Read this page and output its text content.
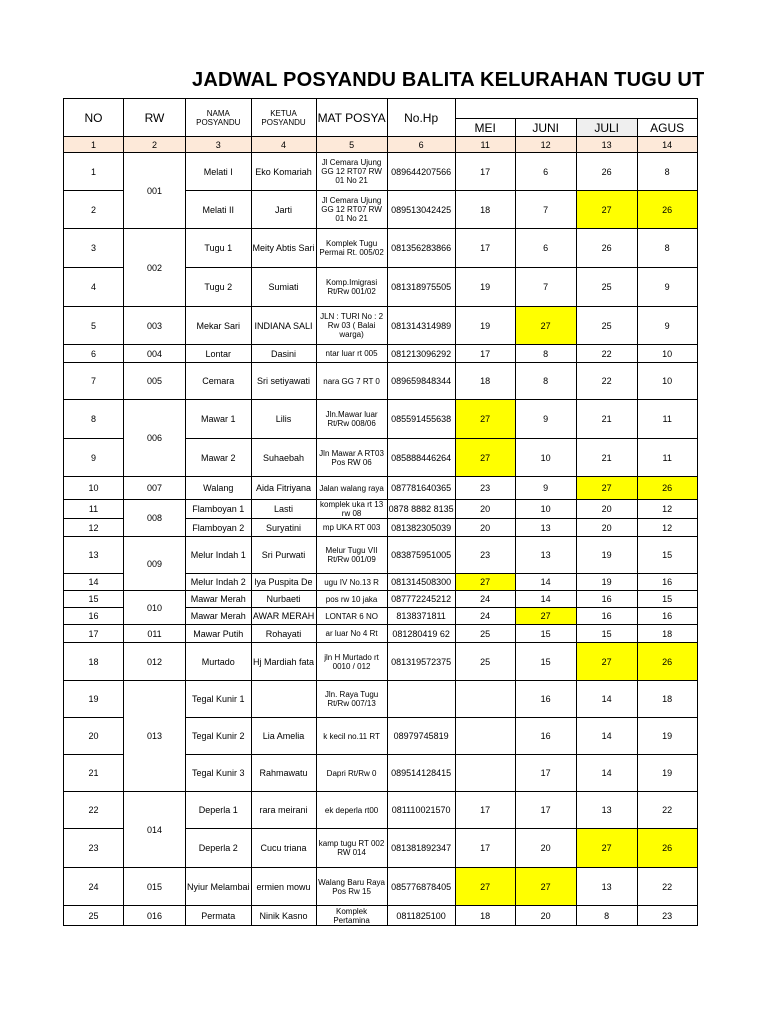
JADWAL POSYANDU BALITA KELURAHAN TUGU UT
NO	RW	NAMA POSYANDU	KETUA POSYANDU	MAT POSYA	No.Hp				
						MEI	JUNI	JULI	AGUS
1	2	3	4	5	6	11	12	13	14
1	001	Melati I	Eko Komariah	Jl Cemara Ujung GG 12 RT07 RW 01 No 21	089644207566	17	6	26	8
2		Melati II	Jarti	Jl Cemara Ujung GG 12 RT07 RW 01 No 21	089513042425	18	7	27	26
3	002	Tugu 1	Meity Abtis Sari	Komplek Tugu Permai Rt. 005/02	081356283866	17	6	26	8
4		Tugu 2	Sumiati	Komp.Imigrasi Rt/Rw 001/02	081318975505	19	7	25	9
5	003	Mekar Sari	INDIANA SALI	JLN : TURI No : 2 Rw 03 ( Balai warga)	081314314989	19	27	25	9
6	004	Lontar	Dasini	ntar luar rt 005	081213096292	17	8	22	10
7	005	Cemara	Sri setiyawati	nara GG 7 RT 0	089659848344	18	8	22	10
8	006	Mawar 1	Lilis	Jln.Mawar luar Rt/Rw 008/06	085591455638	27	9	21	11
9		Mawar 2	Suhaebah	Jln Mawar A RT03 Pos RW 06	085888446264	27	10	21	11
10	007	Walang	Aida Fitriyana	Jalan walang raya	087781640365	23	9	27	26
11	008	Flamboyan 1	Lasti	komplek uka rt 13 rw 08	0878 8882 8135	20	10	20	12
12		Flamboyan 2	Suryatini	mp UKA RT 003	081382305039	20	13	20	12
13	009	Melur Indah 1	Sri Purwati	Melur Tugu VII Rt/Rw 001/09	083875951005	23	13	19	15
14		Melur Indah 2	lya Puspita De	ugu IV No.13 R	081314508300	27	14	19	16
15	010	Mawar Merah	Nurbaeti	pos rw 10 jaka	087772245212	24	14	16	15
16		Mawar Merah	AWAR MERAH	LONTAR 6 NO	8138371811	24	27	16	16
17	011	Mawar Putih	Rohayati	ar luar No 4 Rt	081280419 62	25	15	15	18
18	012	Murtado	Hj Mardiah fata	jln H Murtado rt 0010 / 012	081319572375	25	15	27	26
19	013	Tegal Kunir 1		Jln. Raya Tugu Rt/Rw 007/13			16	14	18
20		Tegal Kunir 2	Lia Amelia	k kecil no.11 RT	08979745819		16	14	19
21		Tegal Kunir 3	Rahmawatu	Dapri Rt/Rw 0	089514128415		17	14	19
22	014	Deperla 1	rara meirani	ek deperla rt00	081110021570	17	17	13	22
23		Deperla 2	Cucu triana	kamp tugu RT 002 RW 014	081381892347	17	20	27	26
24	015	Nyiur Melambai	ermien mowu	Walang Baru Raya Pos Rw 15	085776878405	27	27	13	22
25	016	Permata	Ninik Kasno	Komplek Pertamina	0811825100	18	20	8	23
